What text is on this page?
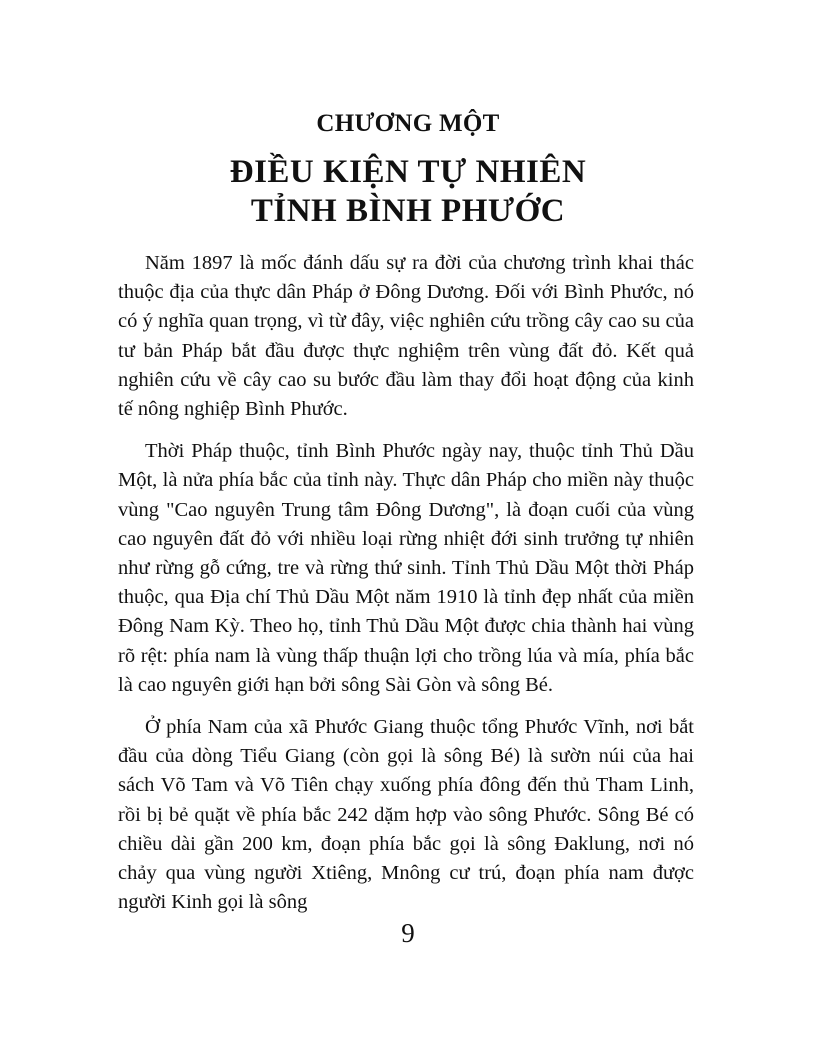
CHƯƠNG MỘT
ĐIỀU KIỆN TỰ NHIÊN
TỈNH BÌNH PHƯỚC

Năm 1897 là mốc đánh dấu sự ra đời của chương trình khai thác thuộc địa của thực dân Pháp ở Đông Dương. Đối với Bình Phước, nó có ý nghĩa quan trọng, vì từ đây, việc nghiên cứu trồng cây cao su của tư bản Pháp bắt đầu được thực nghiệm trên vùng đất đỏ. Kết quả nghiên cứu về cây cao su bước đầu làm thay đổi hoạt động của kinh tế nông nghiệp Bình Phước.

Thời Pháp thuộc, tỉnh Bình Phước ngày nay, thuộc tỉnh Thủ Dầu Một, là nửa phía bắc của tỉnh này. Thực dân Pháp cho miền này thuộc vùng "Cao nguyên Trung tâm Đông Dương", là đoạn cuối của vùng cao nguyên đất đỏ với nhiều loại rừng nhiệt đới sinh trưởng tự nhiên như rừng gỗ cứng, tre và rừng thứ sinh. Tỉnh Thủ Dầu Một thời Pháp thuộc, qua Địa chí Thủ Dầu Một năm 1910 là tỉnh đẹp nhất của miền Đông Nam Kỳ. Theo họ, tỉnh Thủ Dầu Một được chia thành hai vùng rõ rệt: phía nam là vùng thấp thuận lợi cho trồng lúa và mía, phía bắc là cao nguyên giới hạn bởi sông Sài Gòn và sông Bé.

Ở phía Nam của xã Phước Giang thuộc tổng Phước Vĩnh, nơi bắt đầu của dòng Tiểu Giang (còn gọi là sông Bé) là sườn núi của hai sách Võ Tam và Võ Tiên chạy xuống phía đông đến thủ Tham Linh, rồi bị bẻ quặt về phía bắc 242 dặm hợp vào sông Phước. Sông Bé có chiều dài gần 200 km, đoạn phía bắc gọi là sông Đaklung, nơi nó chảy qua vùng người Xtiêng, Mnông cư trú, đoạn phía nam được người Kinh gọi là sông

9
